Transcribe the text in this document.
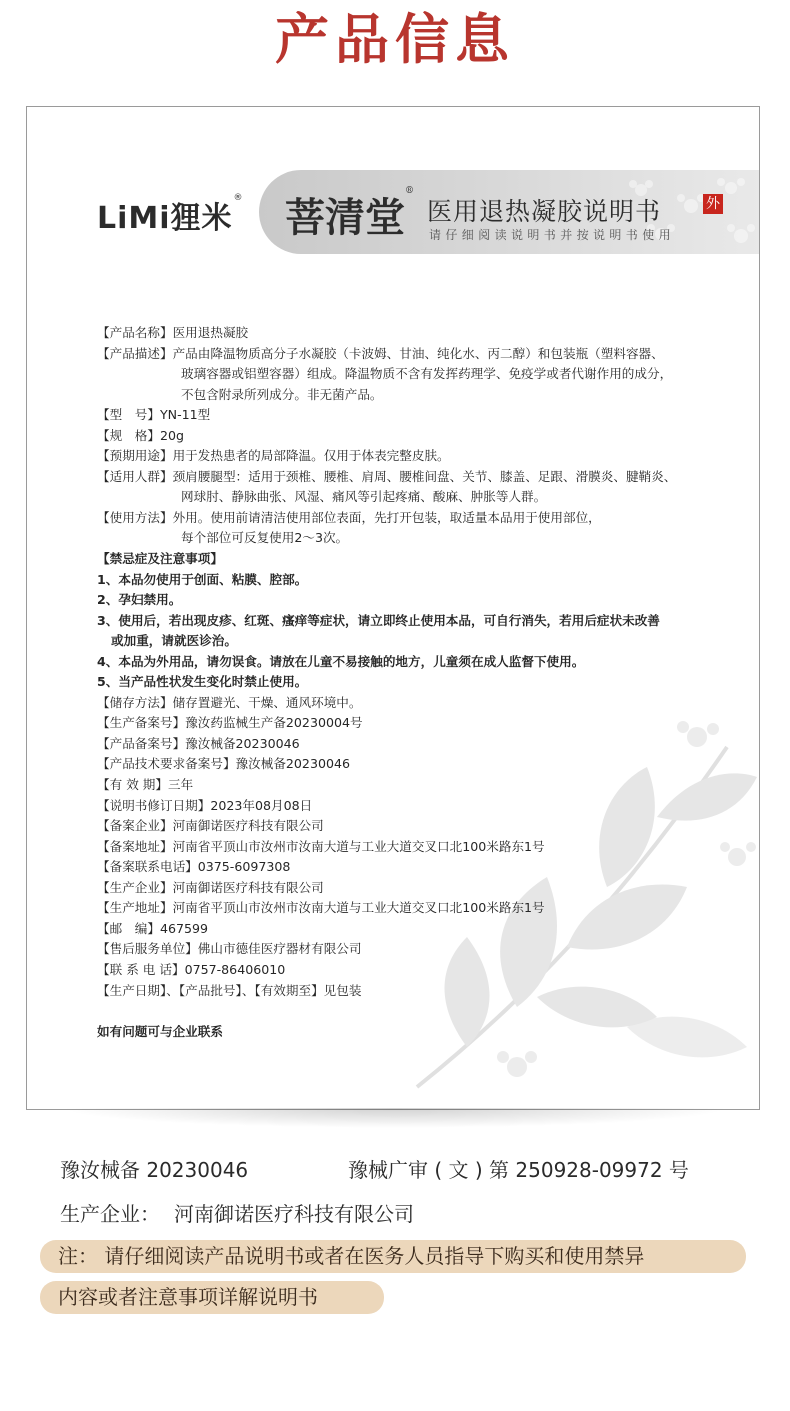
产品信息
LiMi狸米® 菩清堂®
医用退热凝胶说明书	外
请仔细阅读说明书并按说明书使用
【产品名称】医用退热凝胶
【产品描述】产品由降温物质高分子水凝胶（卡波姆、甘油、纯化水、丙二醇）和包装瓶（塑料容器、
玻璃容器或铝塑容器）组成。降温物质不含有发挥药理学、免疫学或者代谢作用的成分，
不包含附录所列成分。非无菌产品。
【型　号】YN-11型
【规　格】20g
【预期用途】用于发热患者的局部降温。仅用于体表完整皮肤。
【适用人群】颈肩腰腿型：适用于颈椎、腰椎、肩周、腰椎间盘、关节、膝盖、足跟、滑膜炎、腱鞘炎、
网球肘、静脉曲张、风湿、痛风等引起疼痛、酸麻、肿胀等人群。
【使用方法】外用。使用前请清洁使用部位表面，先打开包装，取适量本品用于使用部位，
每个部位可反复使用2～3次。
【禁忌症及注意事项】
1、本品勿使用于创面、粘膜、腔部。
2、孕妇禁用。
3、使用后，若出现皮疹、红斑、瘙痒等症状，请立即终止使用本品，可自行消失，若用后症状未改善
或加重，请就医诊治。
4、本品为外用品，请勿误食。请放在儿童不易接触的地方，儿童须在成人监督下使用。
5、当产品性状发生变化时禁止使用。
【储存方法】储存置避光、干燥、通风环境中。
【生产备案号】豫汝药监械生产备20230004号
【产品备案号】豫汝械备20230046
【产品技术要求备案号】豫汝械备20230046
【有 效 期】三年
【说明书修订日期】2023年08月08日
【备案企业】河南御诺医疗科技有限公司
【备案地址】河南省平顶山市汝州市汝南大道与工业大道交叉口北100米路东1号
【备案联系电话】0375-6097308
【生产企业】河南御诺医疗科技有限公司
【生产地址】河南省平顶山市汝州市汝南大道与工业大道交叉口北100米路东1号
【邮　编】467599
【售后服务单位】佛山市德佳医疗器材有限公司
【联 系 电 话】0757-86406010
【生产日期】、【产品批号】、【有效期至】见包装
如有问题可与企业联系
豫汝械备 20230046	豫械广审 ( 文 ) 第 250928-09972 号
生产企业： 河南御诺医疗科技有限公司
注： 请仔细阅读产品说明书或者在医务人员指导下购买和使用禁异
内容或者注意事项详解说明书
